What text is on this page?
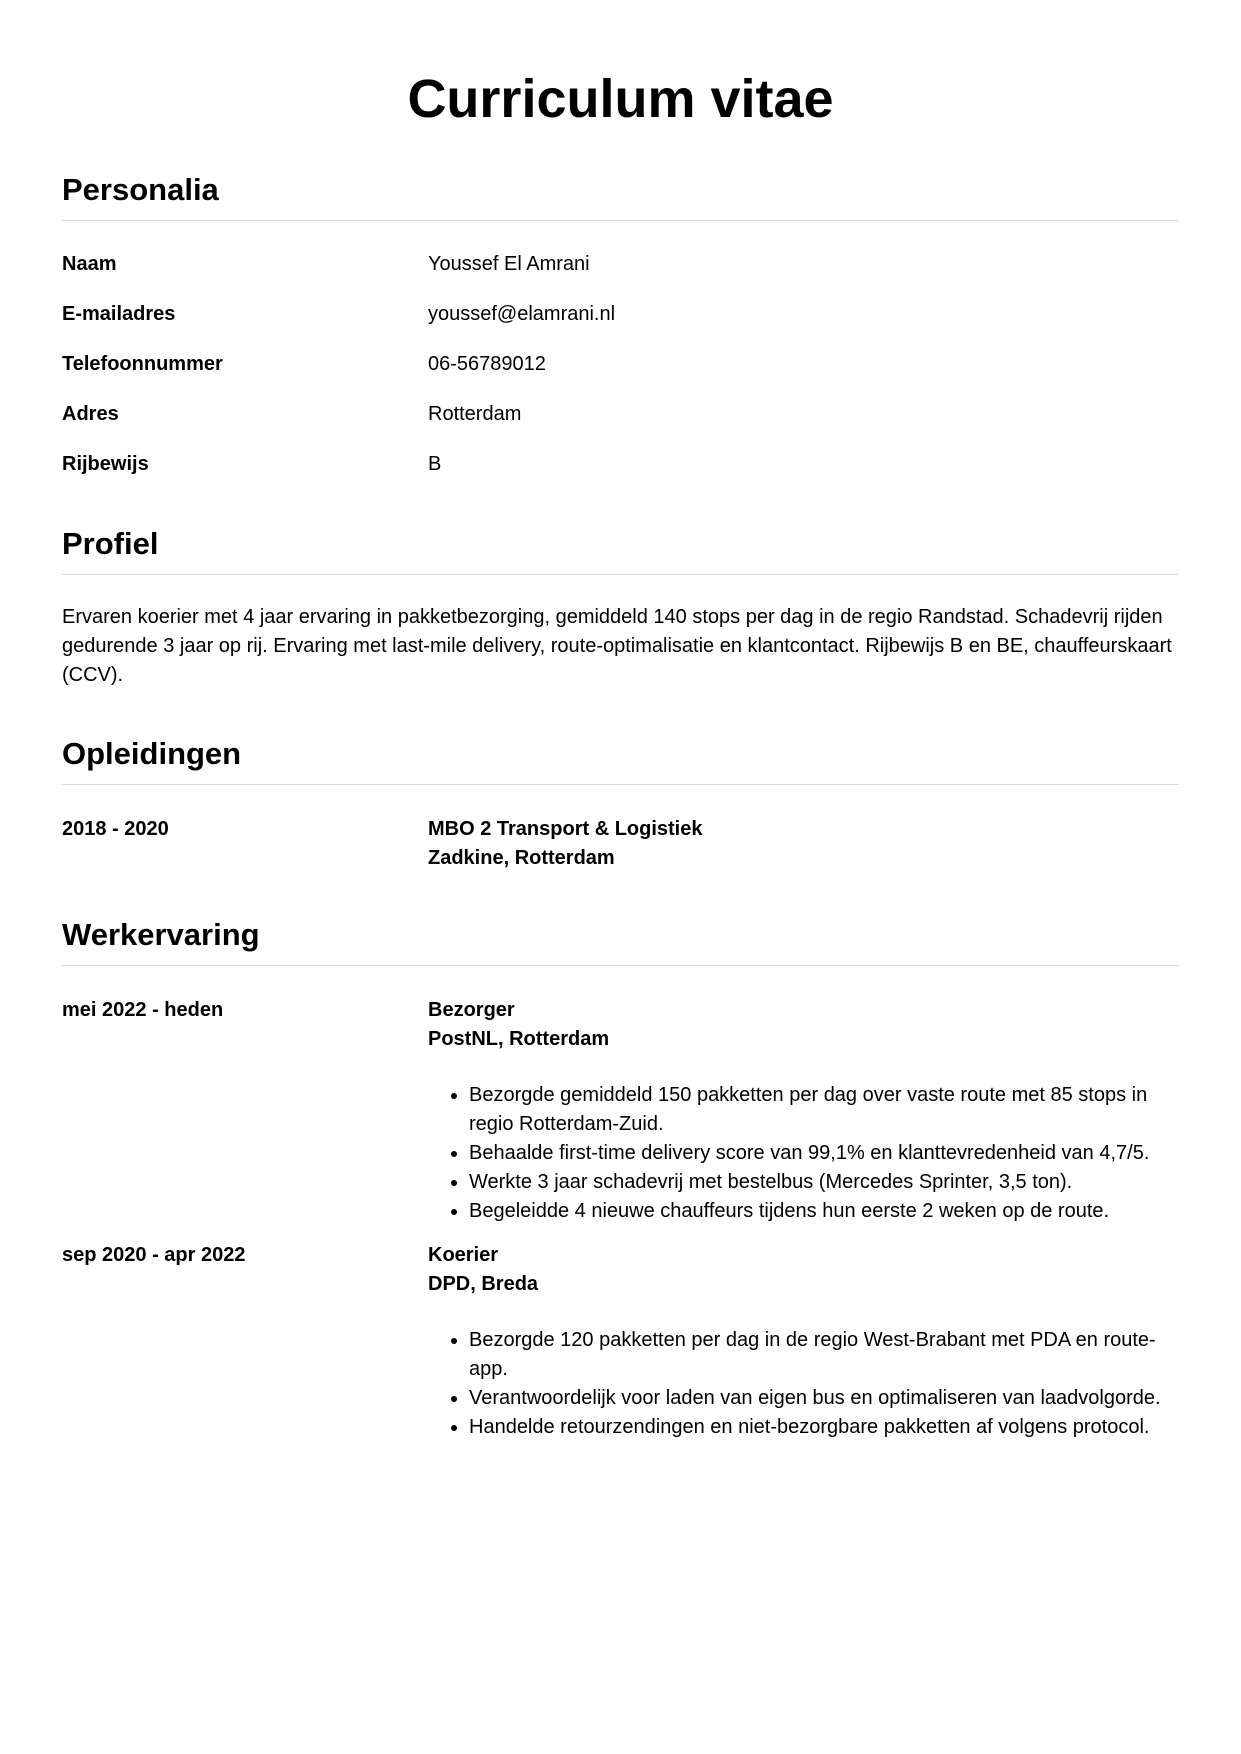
Curriculum vitae
Personalia
Naam	Youssef El Amrani
E-mailadres	youssef@elamrani.nl
Telefoonnummer	06-56789012
Adres	Rotterdam
Rijbewijs	B
Profiel

Ervaren koerier met 4 jaar ervaring in pakketbezorging, gemiddeld 140 stops per dag in de regio Randstad. Schadevrij rijden gedurende 3 jaar op rij. Ervaring met last-mile delivery, route-optimalisatie en klantcontact. Rijbewijs B en BE, chauffeurskaart (CCV).

Opleidingen
2018 - 2020	MBO 2 Transport & Logistiek
Zadkine, Rotterdam
Werkervaring
mei 2022 - heden	Bezorger
PostNL, Rotterdam
• Bezorgde gemiddeld 150 pakketten per dag over vaste route met 85 stops in regio Rotterdam-Zuid.
• Behaalde first-time delivery score van 99,1% en klanttevredenheid van 4,7/5.
• Werkte 3 jaar schadevrij met bestelbus (Mercedes Sprinter, 3,5 ton).
• Begeleidde 4 nieuwe chauffeurs tijdens hun eerste 2 weken op de route.
sep 2020 - apr 2022	Koerier
DPD, Breda
• Bezorgde 120 pakketten per dag in de regio West-Brabant met PDA en route-app.
• Verantwoordelijk voor laden van eigen bus en optimaliseren van laadvolgorde.
• Handelde retourzendingen en niet-bezorgbare pakketten af volgens protocol.
